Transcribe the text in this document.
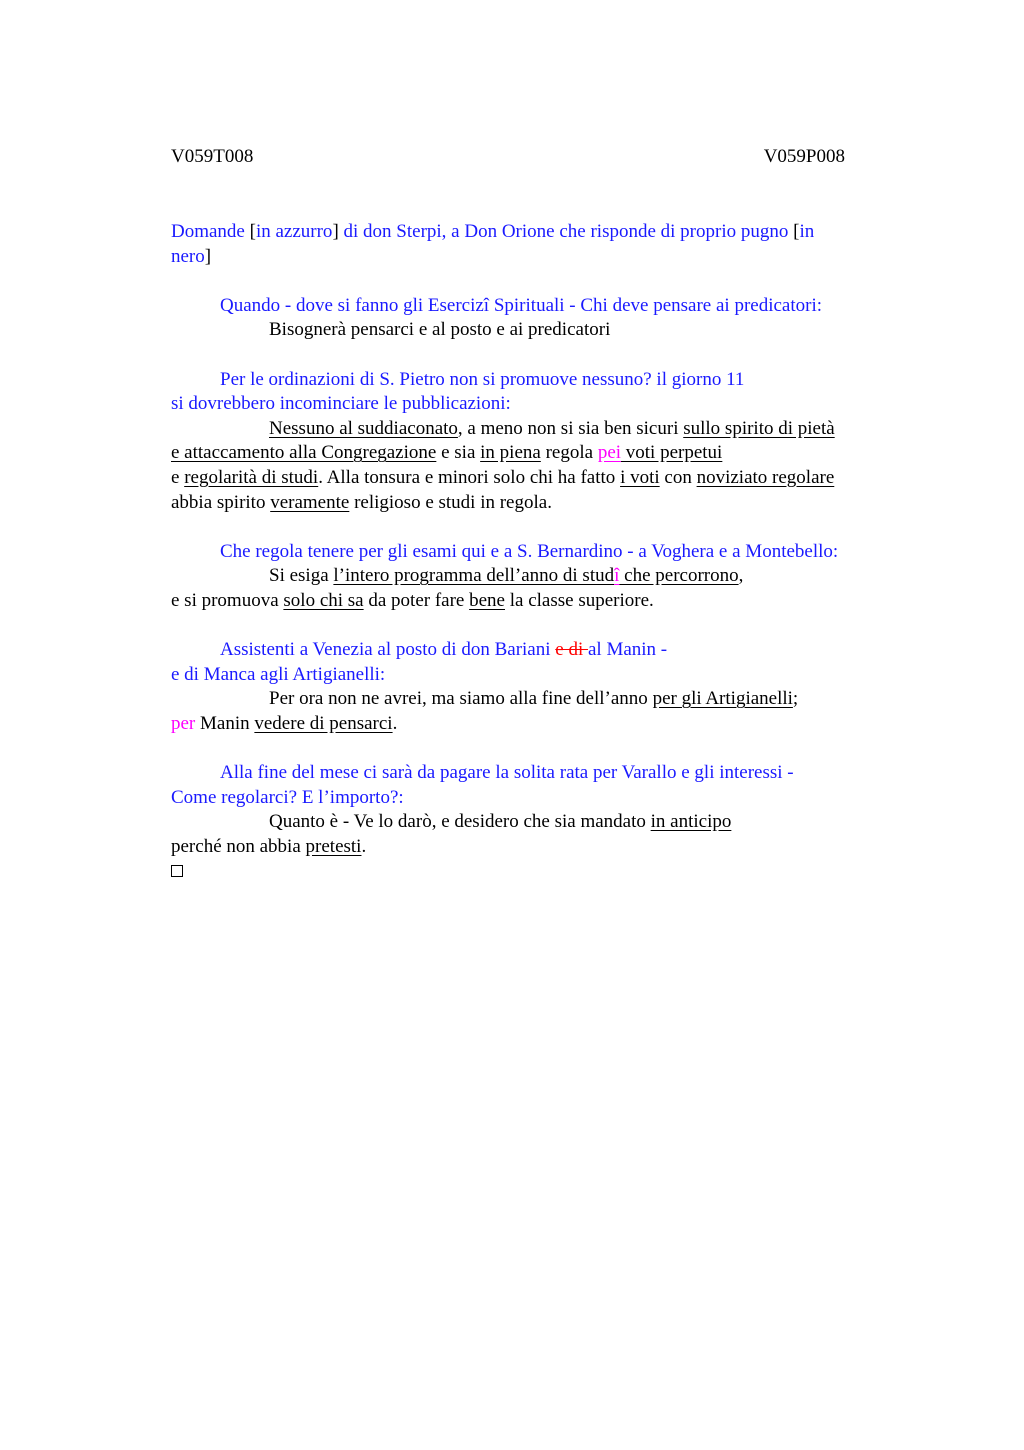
V059T008	V059P008
Domande [in azzurro] di don Sterpi, a Don Orione che risponde di proprio pugno [in
nero]
Quando - dove si fanno gli Esercizî Spirituali - Chi deve pensare ai predicatori:
Bisognerà pensarci e al posto e ai predicatori
Per le ordinazioni di S. Pietro non si promuove nessuno? il giorno 11
si dovrebbero incominciare le pubblicazioni:
Nessuno al suddiaconato, a meno non si sia ben sicuri sullo spirito di pietà
e attaccamento alla Congregazione e sia in piena regola pei voti perpetui
e regolarità di studi. Alla tonsura e minori solo chi ha fatto i voti con noviziato regolare
abbia spirito veramente religioso e studi in regola.
Che regola tenere per gli esami qui e a S. Bernardino - a Voghera e a Montebello:
Si esiga l’intero programma dell’anno di studî che percorrono,
e si promuova solo chi sa da poter fare bene la classe superiore.
Assistenti a Venezia al posto di don Bariani e di al Manin -
e di Manca agli Artigianelli:
Per ora non ne avrei, ma siamo alla fine dell’anno per gli Artigianelli;
per Manin vedere di pensarci.
Alla fine del mese ci sarà da pagare la solita rata per Varallo e gli interessi -
Come regolarci? E l’importo?:
Quanto è - Ve lo darò, e desidero che sia mandato in anticipo
perché non abbia pretesti.
